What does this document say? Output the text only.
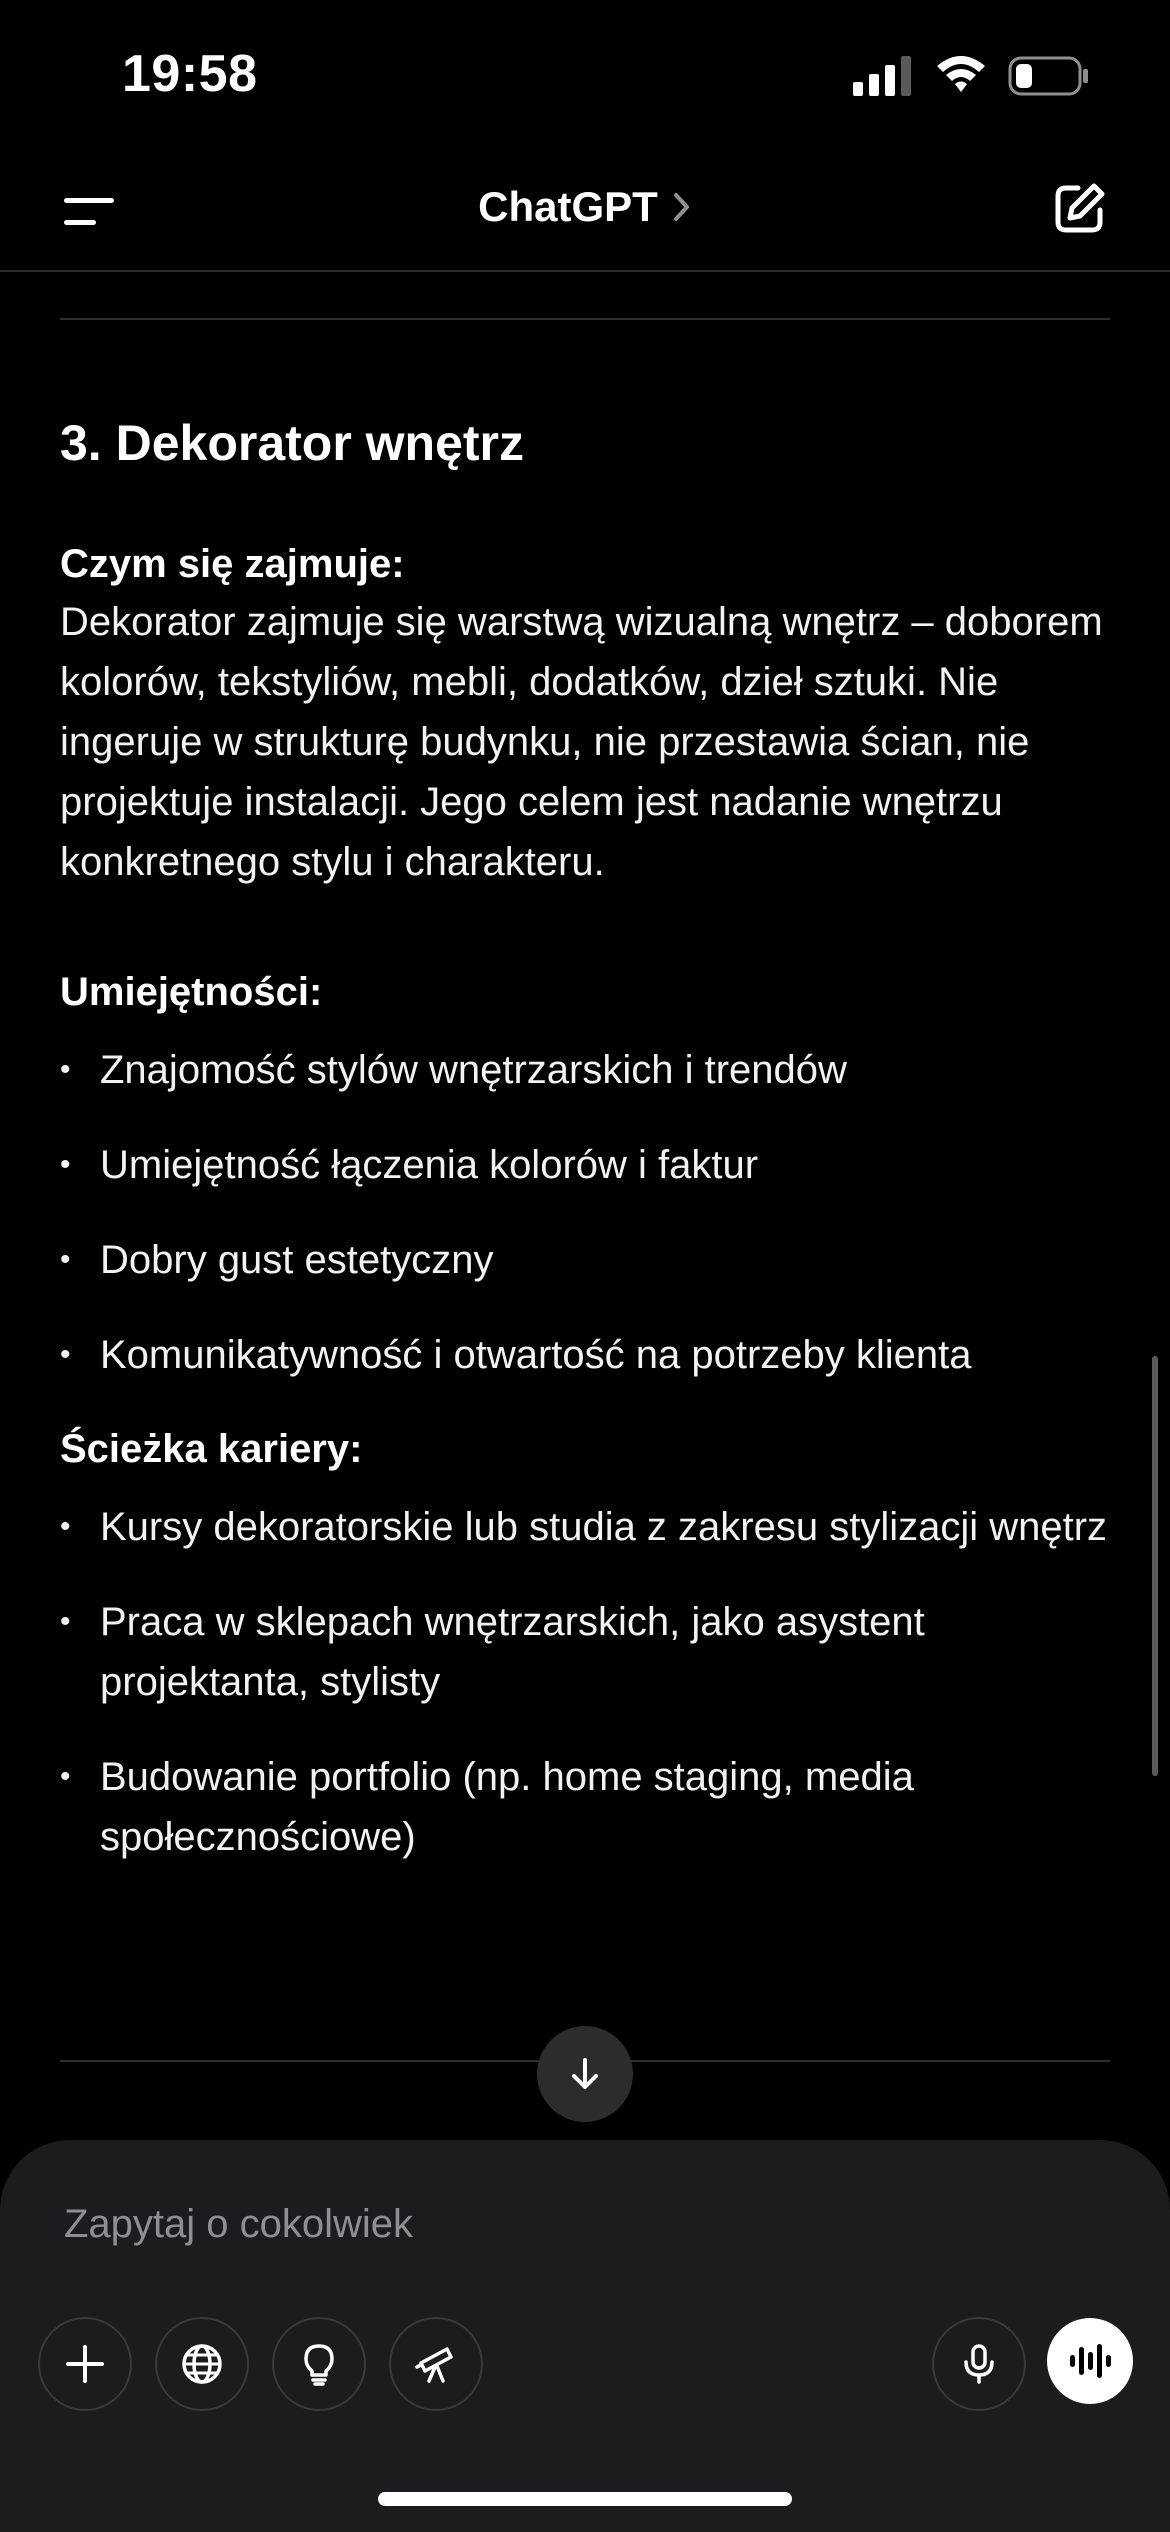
19:58
ChatGPT
3. Dekorator wnętrz
Czym się zajmuje:

Dekorator zajmuje się warstwą wizualną wnętrz – doborem kolorów, tekstyliów, mebli, dodatków, dzieł sztuki. Nie ingeruje w strukturę budynku, nie przestawia ścian, nie projektuje instalacji. Jego celem jest nadanie wnętrzu konkretnego stylu i charakteru.

Umiejętności:
• Znajomość stylów wnętrzarskich i trendów
• Umiejętność łączenia kolorów i faktur
• Dobry gust estetyczny
• Komunikatywność i otwartość na potrzeby klienta
Ścieżka kariery:
• Kursy dekoratorskie lub studia z zakresu stylizacji wnętrz
• Praca w sklepach wnętrzarskich, jako asystent projektanta, stylisty
• Budowanie portfolio (np. home staging, media społecznościowe)
Zapytaj o cokolwiek
